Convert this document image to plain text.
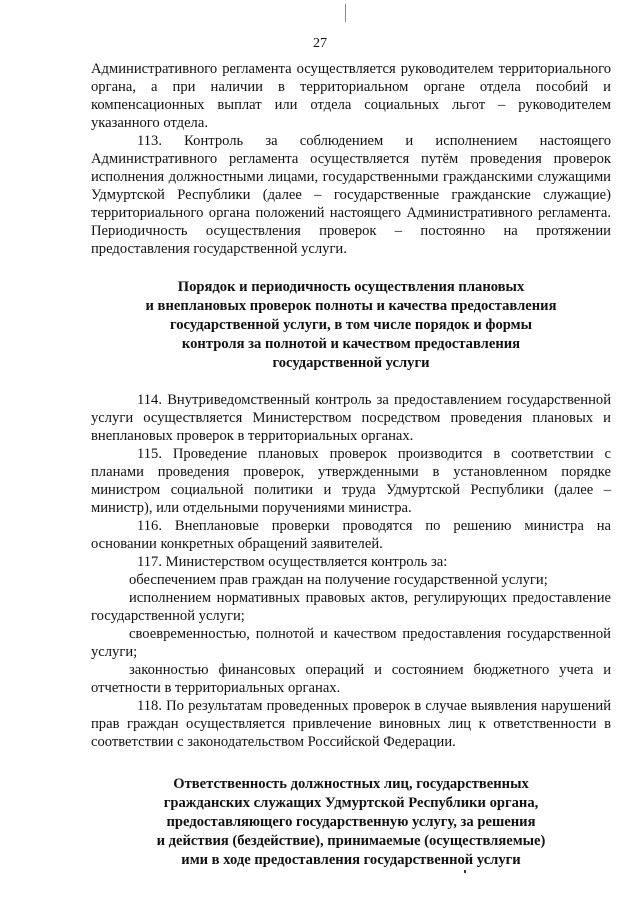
27

Административного регламента осуществляется руководителем территориального органа, а при наличии в территориальном органе отдела пособий и компенсационных выплат или отдела социальных льгот – руководителем указанного отдела.

113. Контроль за соблюдением и исполнением настоящего Административного регламента осуществляется путём проведения проверок исполнения должностными лицами, государственными гражданскими служащими Удмуртской Республики (далее – государственные гражданские служащие) территориального органа положений настоящего Административного регламента. Периодичность осуществления проверок – постоянно на протяжении предоставления государственной услуги.

Порядок и периодичность осуществления плановых
и внеплановых проверок полноты и качества предоставления
государственной услуги, в том числе порядок и формы
контроля за полнотой и качеством предоставления
государственной услуги

114. Внутриведомственный контроль за предоставлением государственной услуги осуществляется Министерством посредством проведения плановых и внеплановых проверок в территориальных органах.

115. Проведение плановых проверок производится в соответствии с планами проведения проверок, утвержденными в установленном порядке министром социальной политики и труда Удмуртской Республики (далее – министр), или отдельными поручениями министра.

116. Внеплановые проверки проводятся по решению министра на основании конкретных обращений заявителей.

117. Министерством осуществляется контроль за:

обеспечением прав граждан на получение государственной услуги;

исполнением нормативных правовых актов, регулирующих предоставление государственной услуги;

своевременностью, полнотой и качеством предоставления государственной услуги;

законностью финансовых операций и состоянием бюджетного учета и отчетности в территориальных органах.

118. По результатам проведенных проверок в случае выявления нарушений прав граждан осуществляется привлечение виновных лиц к ответственности в соответствии с законодательством Российской Федерации.

Ответственность должностных лиц, государственных
гражданских служащих Удмуртской Республики органа,
предоставляющего государственную услугу, за решения
и действия (бездействие), принимаемые (осуществляемые)
ими в ходе предоставления государственной услуги
